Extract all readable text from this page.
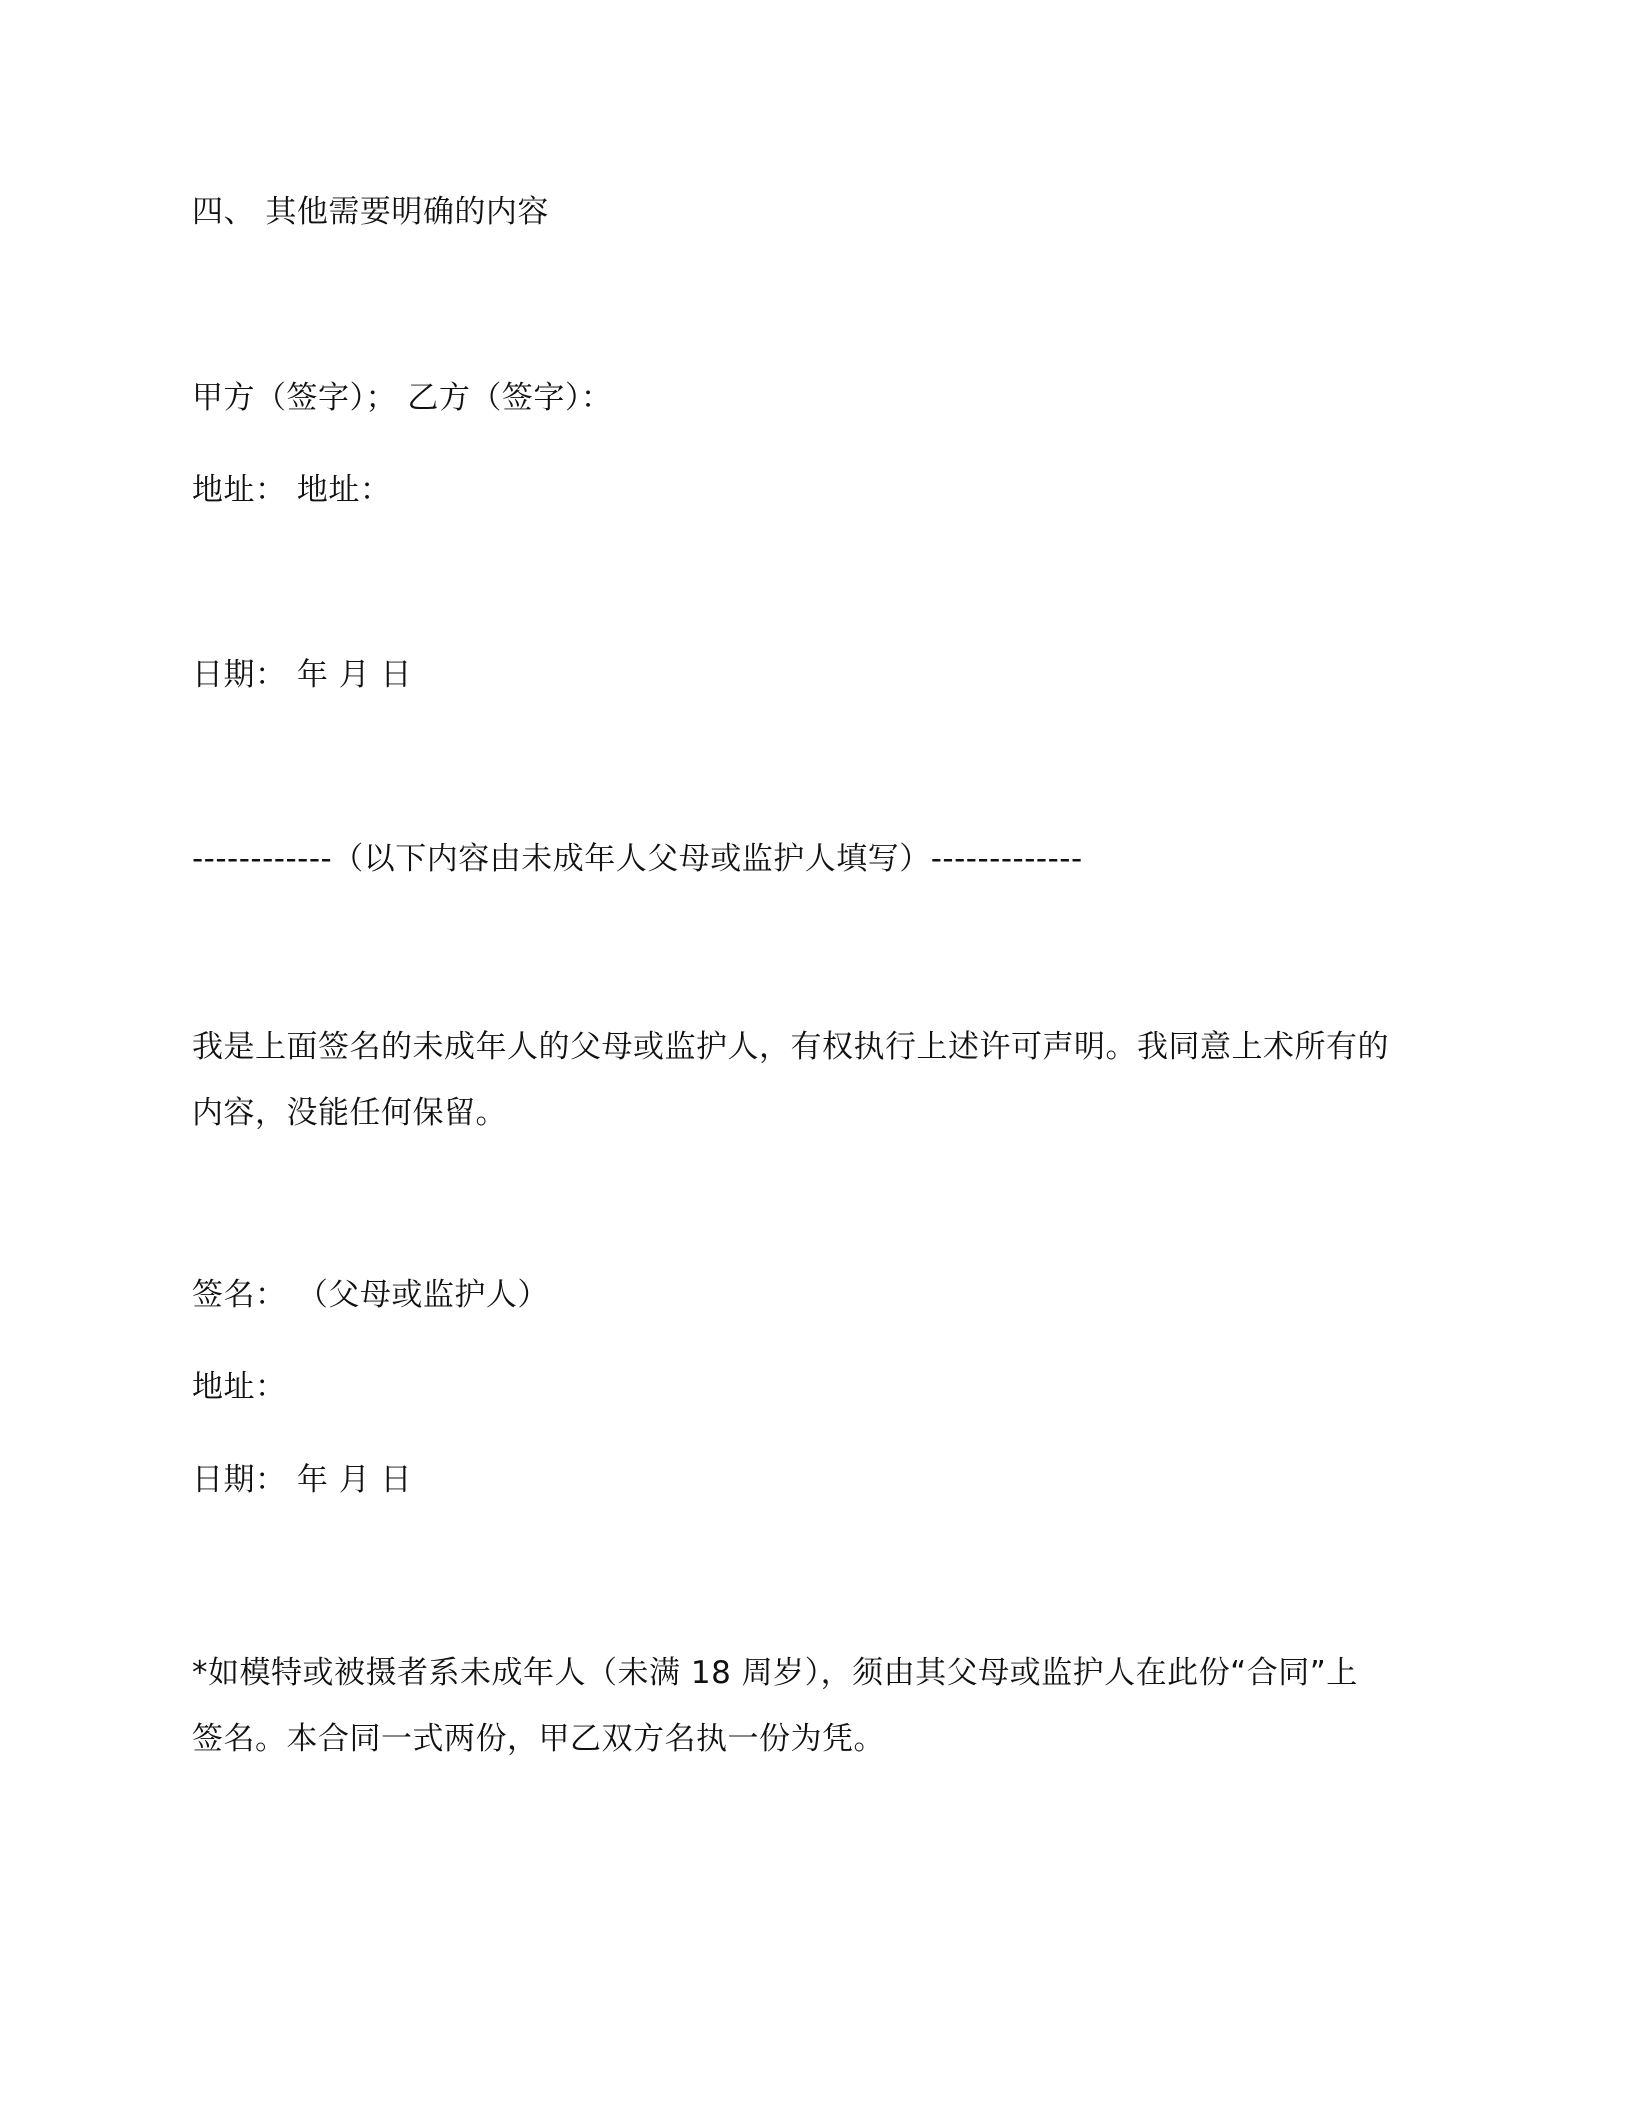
四、 其他需要明确的内容
甲方（签字）； 乙方（签字）：
地址： 地址：
日期： 年 月 日
------------（以下内容由未成年人父母或监护人填写）-------------
我是上面签名的未成年人的父母或监护人，有权执行上述许可声明。我同意上术所有的
内容，没能任何保留。
签名： （父母或监护人）
地址：
日期： 年 月 日
*如模特或被摄者系未成年人（未满 18 周岁），须由其父母或监护人在此份“合同”上
签名。本合同一式两份，甲乙双方名执一份为凭。
